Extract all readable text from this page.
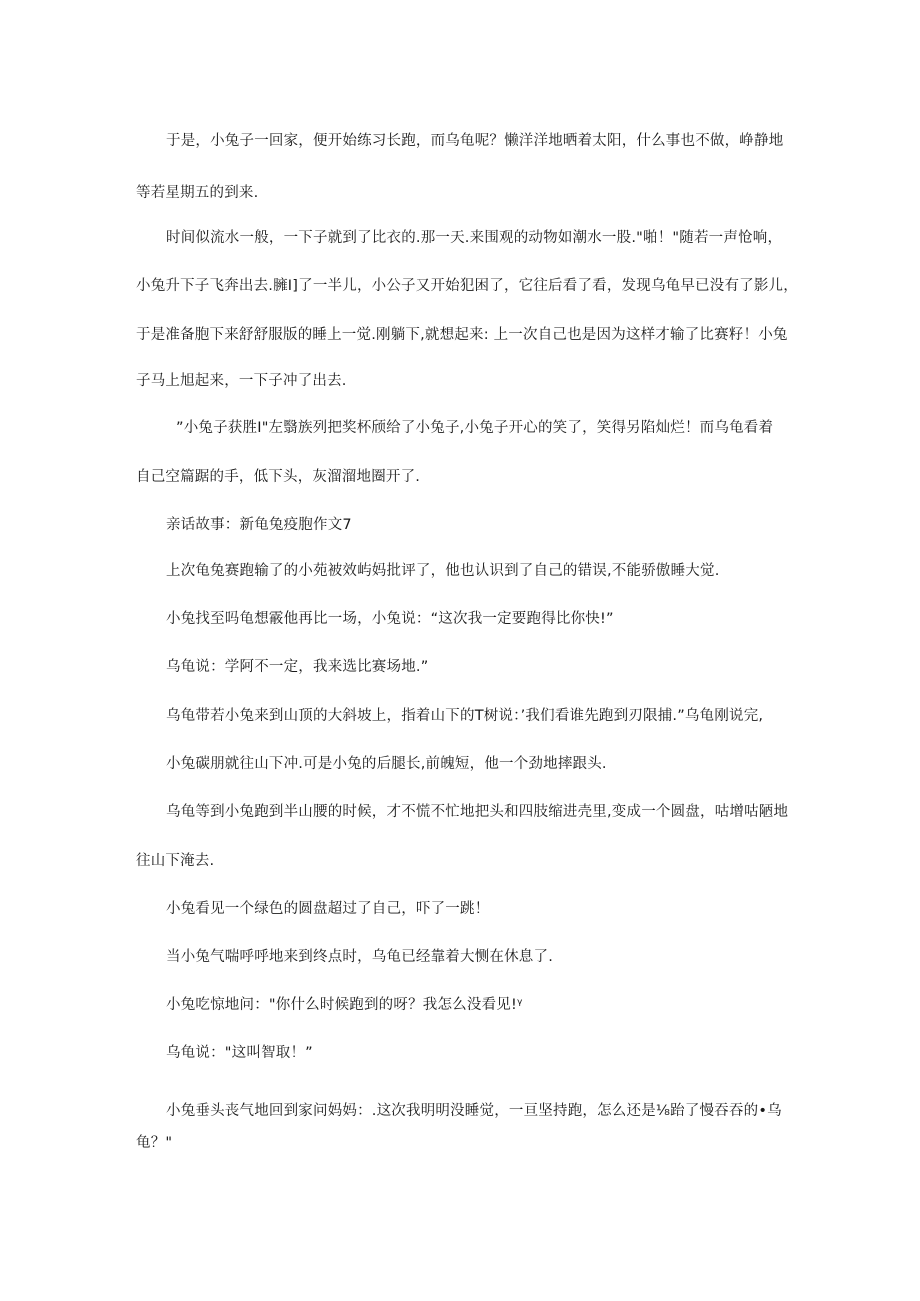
于是，小兔子一回家，便开始练习长跑，而乌龟呢？懒洋洋地晒着太阳，什么事也不做，峥静地

等若星期五的到来.

时间似流水一般，一下子就到了比衣的.那一天.来围观的动物如潮水一股."啪！"随若一声怆响，

小兔升下子飞奔出去.臃I]了一半儿，小公子又开始犯困了，它往后看了看，发现乌龟早已没有了影儿，

于是准备胞下来舒舒服版的睡上一觉.刚躺下,就想起来: 上一次自己也是因为这样才输了比赛籽！小兔

子马上旭起来，一下子冲了出去.

”小兔子获胜I"左翳族列把奖杯颀给了小兔子,小兔子开心的笑了，笑得另陷灿烂！而乌龟看着

自己空篇踞的手，低下头，灰溜溜地圈开了.

亲话故事：新龟兔疫胞作文7

上次龟兔赛跑输了的小苑被效屿妈批评了，他也认识到了自己的错误,不能骄傲睡大觉.

小兔找至吗龟想霰他再比一场，小兔说：“这次我一定要跑得比你快!”

乌龟说：学阿不一定，我来选比赛场地.”

乌龟带若小兔来到山顶的大斜坡上，指着山下的T树说：’我们看谁先跑到刃限捕.”乌龟刚说完,

小兔碳朋就往山下冲.可是小兔的后腿长,前魄短，他一个劲地摔跟头.

乌龟等到小兔跑到半山腰的时候，才不慌不忙地把头和四肢缩进壳里,变成一个圆盘，咕增咕陋地

往山下淹去.

小兔看见一个绿色的圆盘超过了自己，吓了一跳！

当小兔气喘呼呼地来到终点时，乌龟已经靠着大恻在休息了.

小兔吃惊地问："你什么时候跑到的呀？我怎么没看见!ᵞ

乌龟说："这叫智取！”

小兔垂头丧气地回到家问妈妈：.这次我明明没睡觉，一亘坚持跑，怎么还是⅛跆了慢吞吞的•乌

龟？"
